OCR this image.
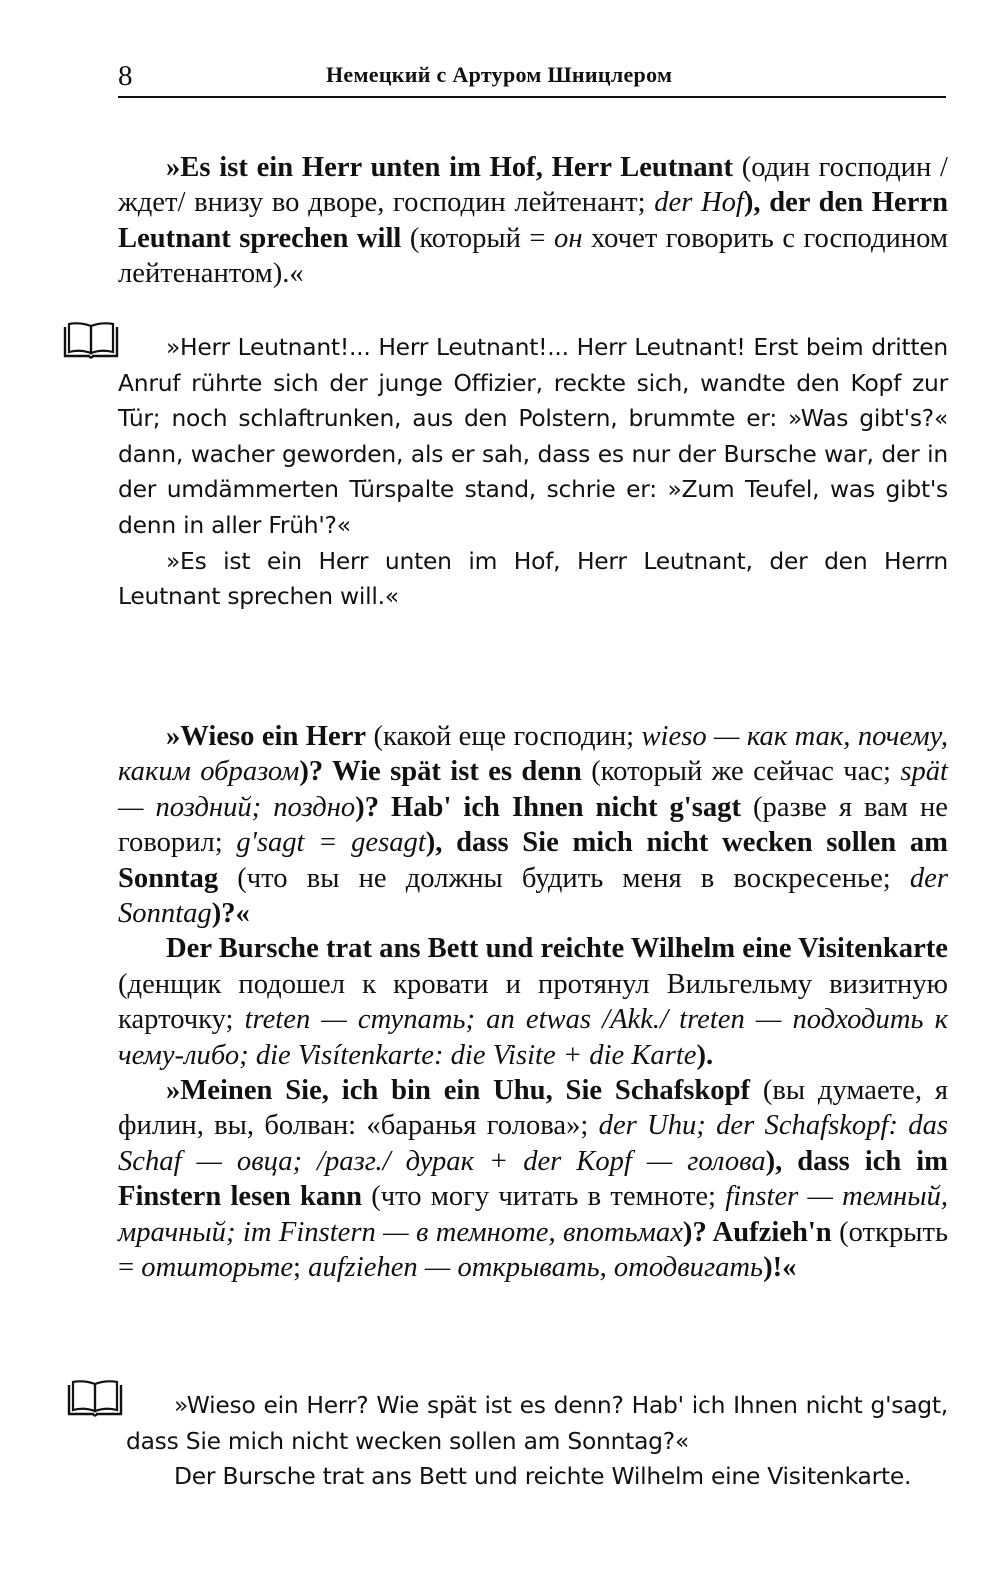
8	Немецкий с Артуром Шницлером

»Es ist ein Herr unten im Hof, Herr Leutnant (один господин /ждет/ внизу во дворе, господин лейтенант; der Hof), der den Herrn Leutnant sprechen will (который = он хочет говорить с господином лейтенантом).«

»Herr Leutnant!... Herr Leutnant!... Herr Leutnant! Erst beim dritten Anruf rührte sich der junge Offizier, reckte sich, wandte den Kopf zur Tür; noch schlaftrunken, aus den Polstern, brummte er: »Was gibt's?« dann, wacher geworden, als er sah, dass es nur der Bursche war, der in der umdämmerten Türspalte stand, schrie er: »Zum Teufel, was gibt's denn in aller Früh'?«

»Es ist ein Herr unten im Hof, Herr Leutnant, der den Herrn Leutnant sprechen will.«

»Wieso ein Herr (какой еще господин; wieso — как так, почему, каким образом)? Wie spät ist es denn (который же сейчас час; spät — поздний; поздно)? Hab' ich Ihnen nicht g'sagt (разве я вам не говорил; g'sagt = gesagt), dass Sie mich nicht wecken sollen am Sonntag (что вы не должны будить меня в воскресенье; der Sonntag)?«

Der Bursche trat ans Bett und reichte Wilhelm eine Visitenkarte (денщик подошел к кровати и протянул Вильгельму визитную карточку; treten — ступать; an etwas /Akk./ treten — подходить к чему-либо; die Visítenkarte: die Visite + die Karte).

»Meinen Sie, ich bin ein Uhu, Sie Schafskopf (вы думаете, я филин, вы, болван: «баранья голова»; der Uhu; der Schafskopf: das Schaf — овца; /разг./ дурак + der Kopf — голова), dass ich im Finstern lesen kann (что могу читать в темноте; finster — темный, мрачный; im Finstern — в темноте, впотьмах)? Aufzieh'n (открыть = отшторьте; aufziehen — открывать, отодвигать)!«

»Wieso ein Herr? Wie spät ist es denn? Hab' ich Ihnen nicht g'sagt, dass Sie mich nicht wecken sollen am Sonntag?«

Der Bursche trat ans Bett und reichte Wilhelm eine Visitenkarte.
